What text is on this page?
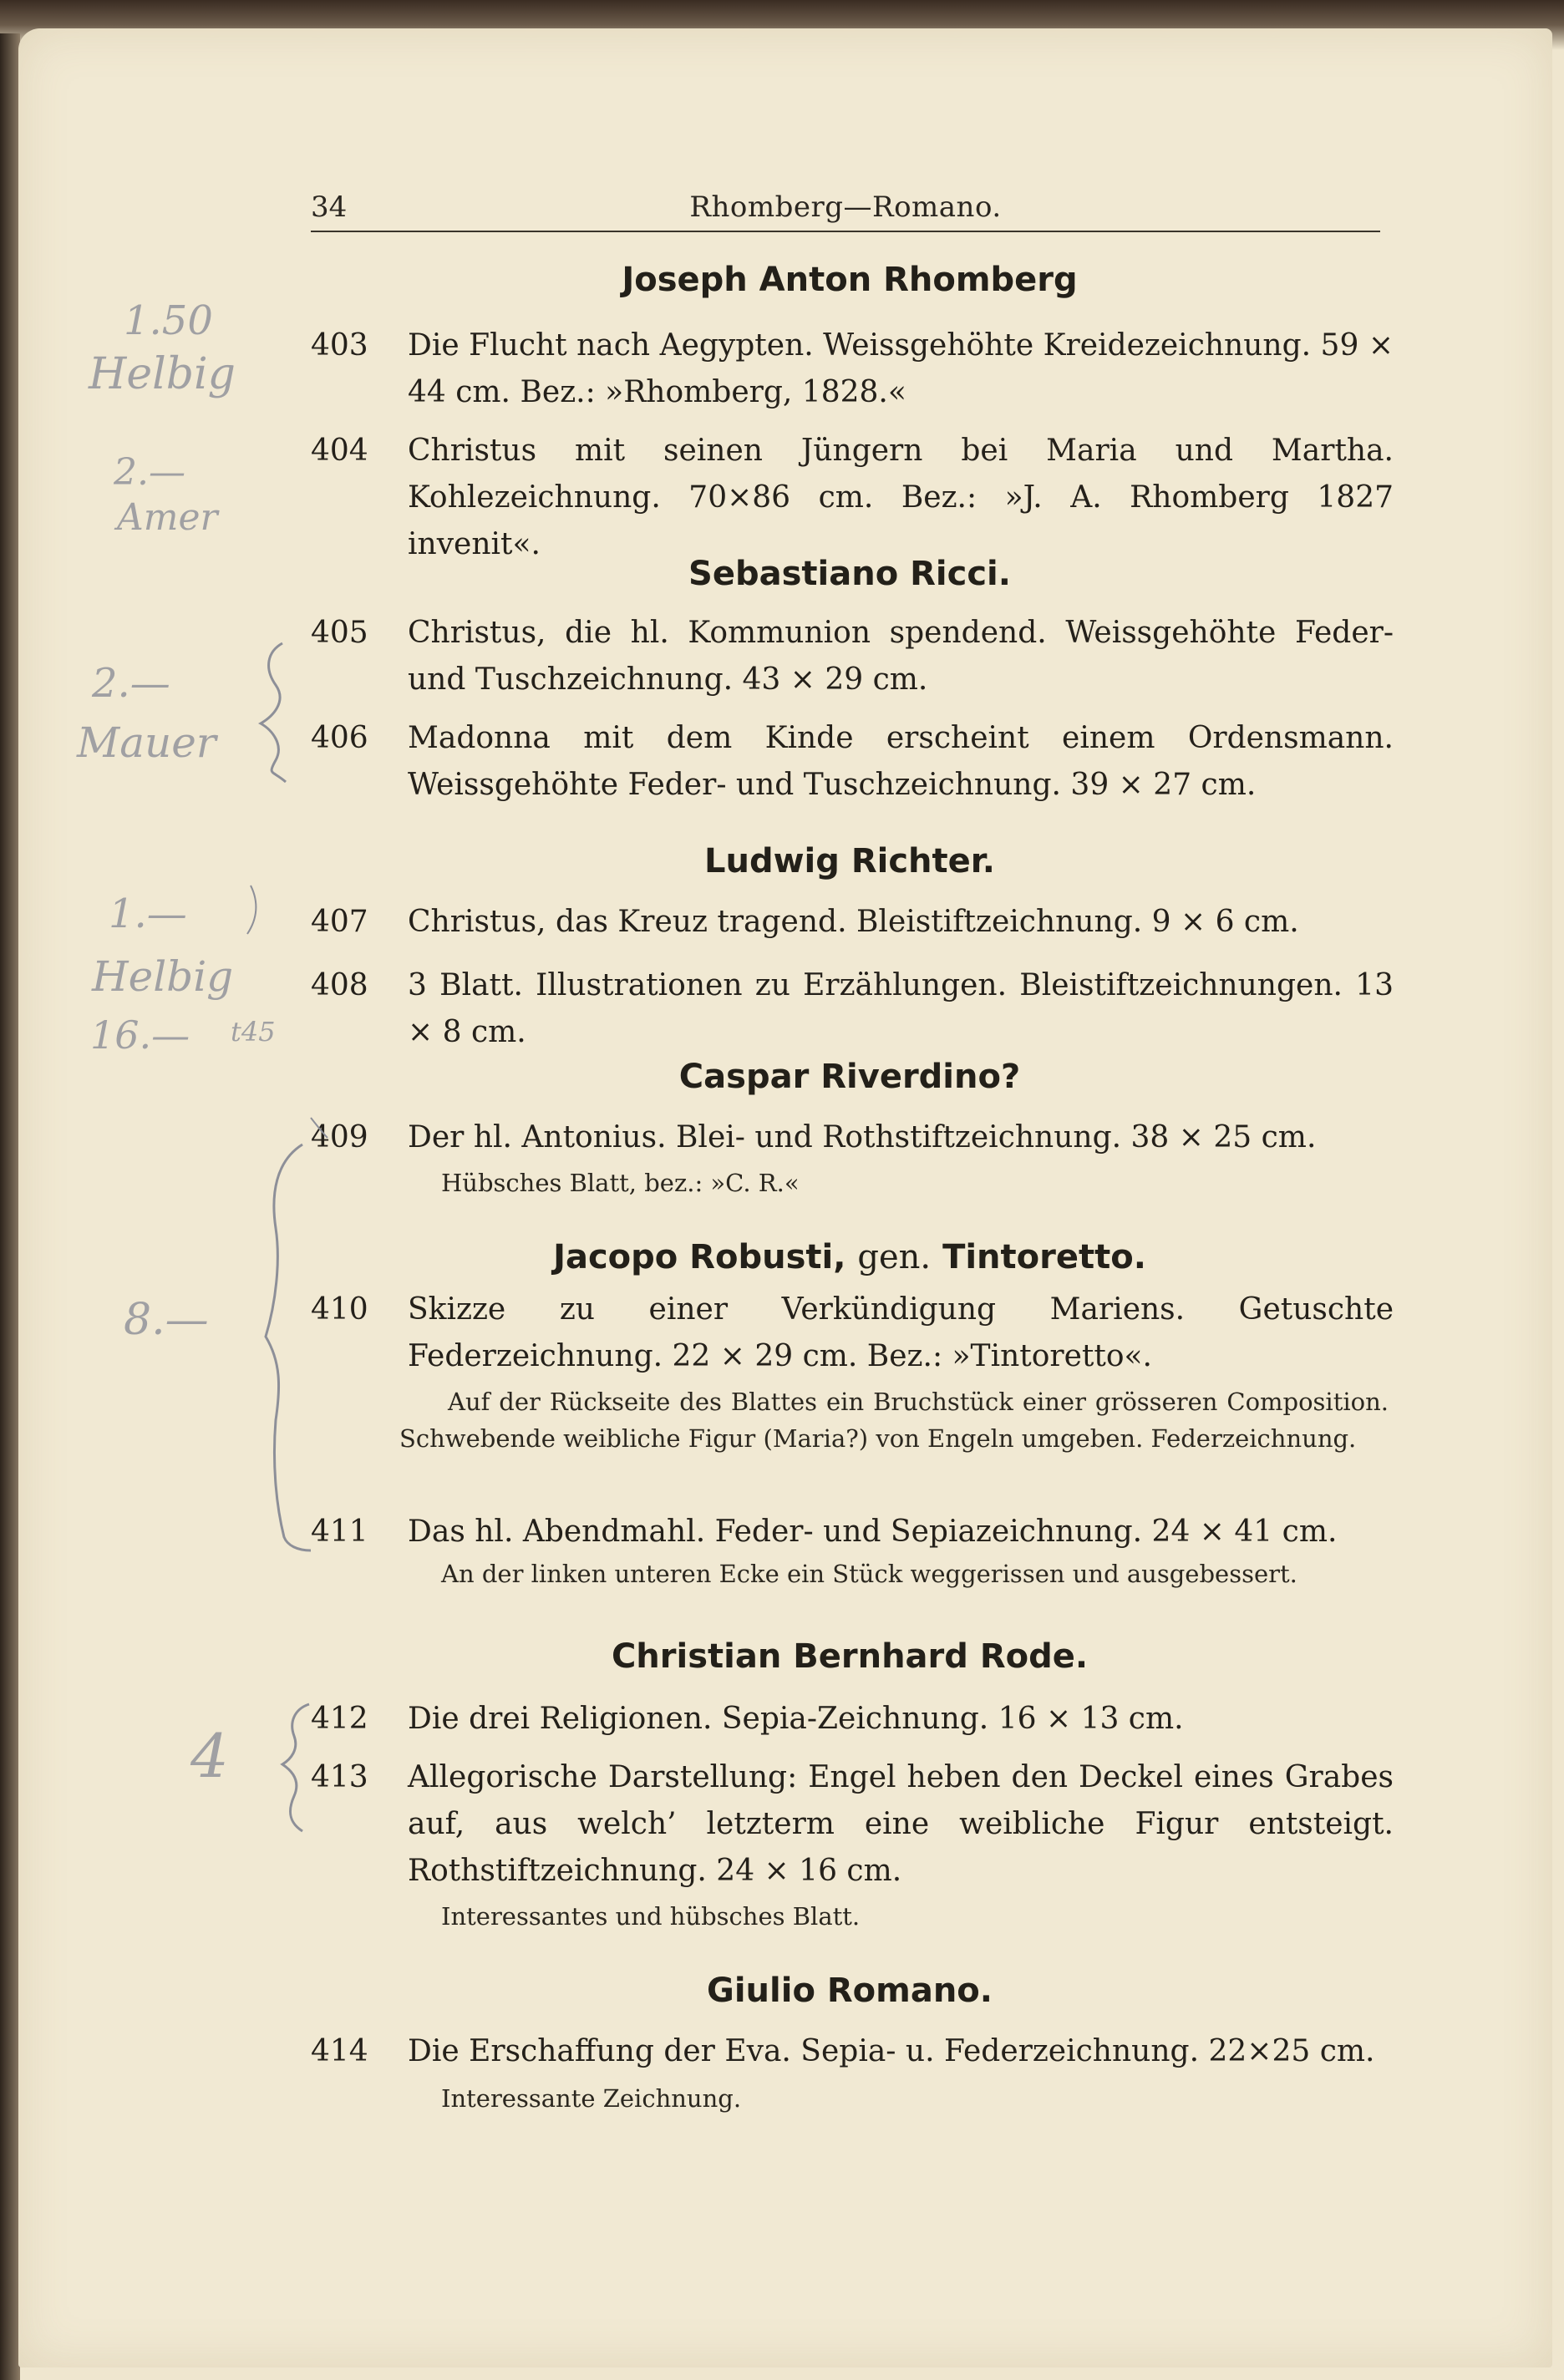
34	Rhomberg—Romano.
Joseph Anton Rhomberg
403 Die Flucht nach Aegypten. Weissgehöhte Kreidezeichnung. 59 × 44 cm. Bez.: »Rhomberg, 1828.«
404 Christus mit seinen Jüngern bei Maria und Martha. Kohlezeichnung. 70×86 cm. Bez.: »J. A. Rhomberg 1827 invenit«.
Sebastiano Ricci.
405 Christus, die hl. Kommunion spendend. Weissgehöhte Feder- und Tuschzeichnung. 43 × 29 cm.
406 Madonna mit dem Kinde erscheint einem Ordensmann. Weissgehöhte Feder- und Tuschzeichnung. 39 × 27 cm.
Ludwig Richter.
407 Christus, das Kreuz tragend. Bleistiftzeichnung. 9 × 6 cm.
408 3 Blatt. Illustrationen zu Erzählungen. Bleistiftzeichnungen. 13 × 8 cm.
Caspar Riverdino?
409 Der hl. Antonius. Blei- und Rothstiftzeichnung. 38 × 25 cm.
Hübsches Blatt, bez.: »C. R.«
Jacopo Robusti, gen. Tintoretto.
410 Skizze zu einer Verkündigung Mariens. Getuschte Federzeichnung. 22 × 29 cm. Bez.: »Tintoretto«.
Auf der Rückseite des Blattes ein Bruchstück einer grösseren Composition. Schwebende weibliche Figur (Maria?) von Engeln umgeben. Federzeichnung.
411 Das hl. Abendmahl. Feder- und Sepiazeichnung. 24 × 41 cm.
An der linken unteren Ecke ein Stück weggerissen und ausgebessert.
Christian Bernhard Rode.
412 Die drei Religionen. Sepia-Zeichnung. 16 × 13 cm.
413 Allegorische Darstellung: Engel heben den Deckel eines Grabes auf, aus welch’ letzterm eine weibliche Figur entsteigt. Rothstiftzeichnung. 24 × 16 cm.
Interessantes und hübsches Blatt.
Giulio Romano.
414 Die Erschaffung der Eva. Sepia- u. Federzeichnung. 22×25 cm.
Interessante Zeichnung.
1.50
Helbig
2.—
Amer
2.—
Mauer
1.—
Helbig
16.— t45
8.—
4
